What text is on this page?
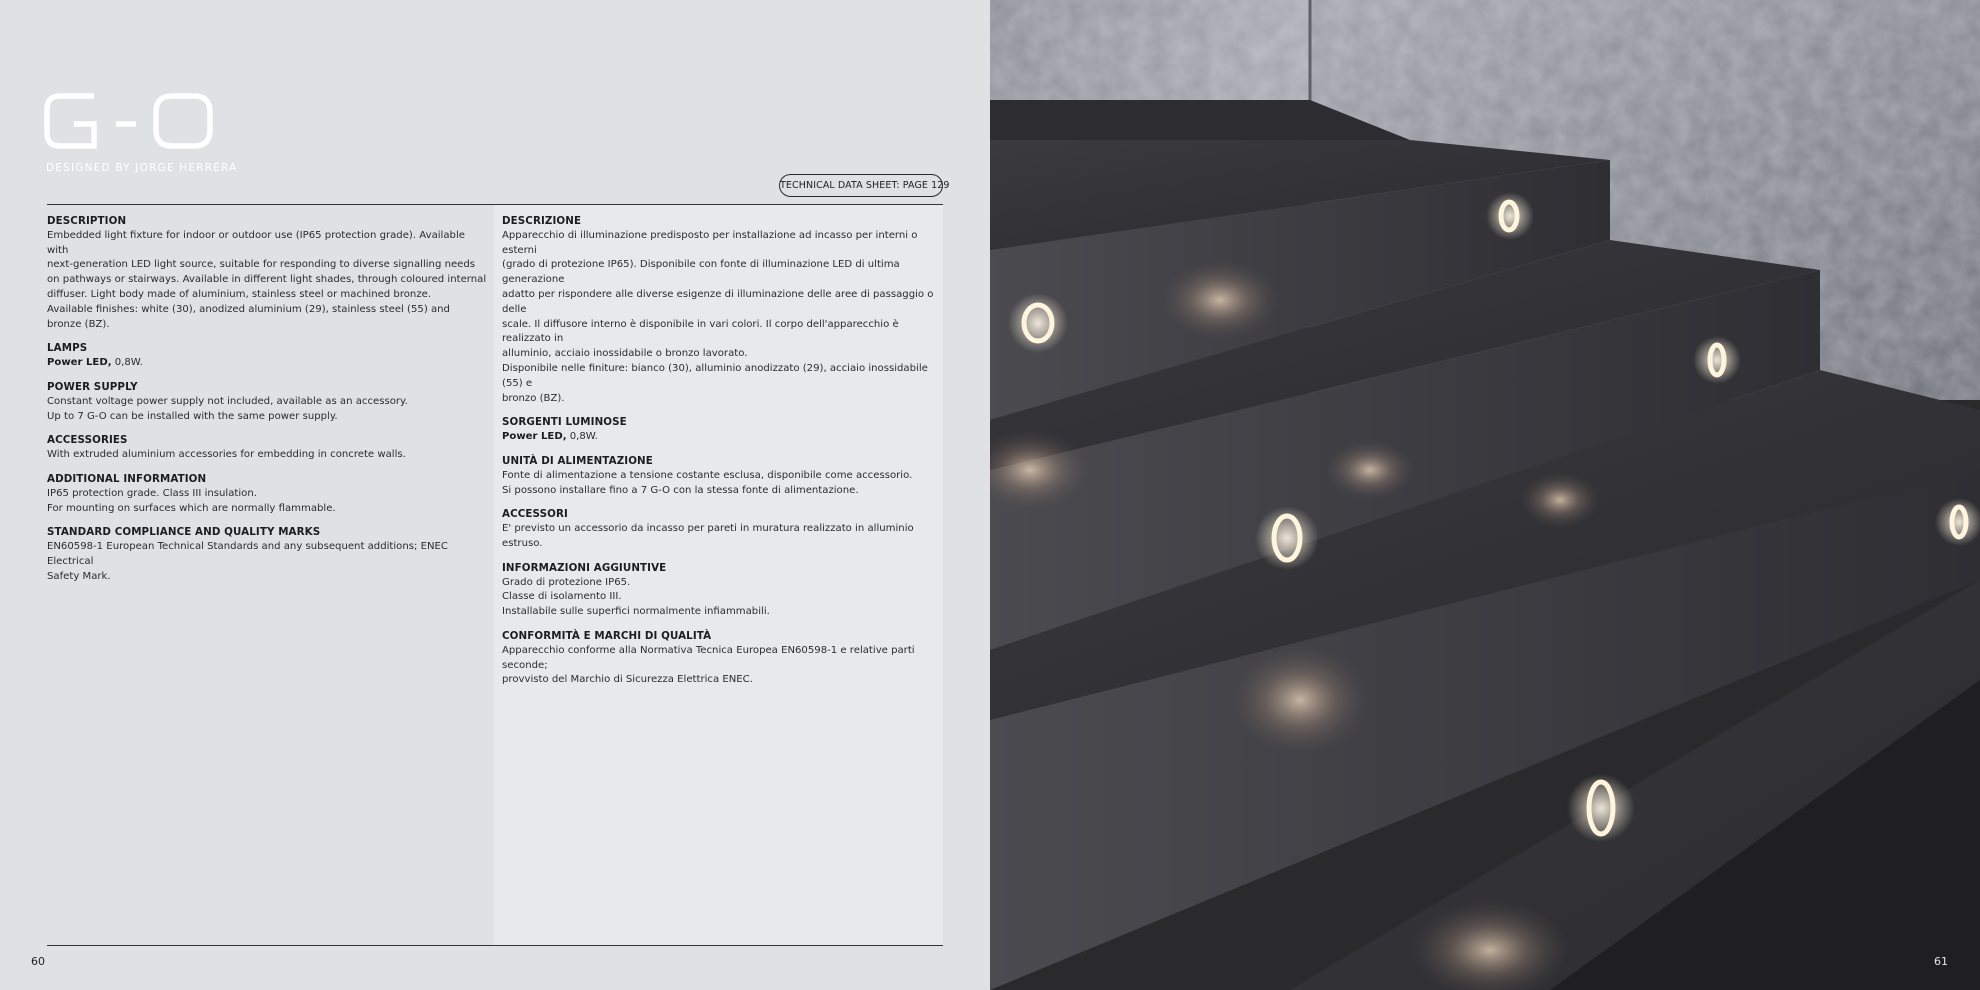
DESIGNED BY JORGE HERRERA
TECHNICAL DATA SHEET: PAGE 129
DESCRIPTION

Embedded light fixture for indoor or outdoor use (IP65 protection grade). Available with

next-generation LED light source, suitable for responding to diverse signalling needs

on pathways or stairways. Available in different light shades, through coloured internal

diffuser. Light body made of aluminium, stainless steel or machined bronze.

Available finishes: white (30), anodized aluminium (29), stainless steel (55) and bronze (BZ).

LAMPS

Power LED, 0,8W.

POWER SUPPLY

Constant voltage power supply not included, available as an accessory.

Up to 7 G-O can be installed with the same power supply.

ACCESSORIES

With extruded aluminium accessories for embedding in concrete walls.

ADDITIONAL INFORMATION

IP65 protection grade. Class III insulation.

For mounting on surfaces which are normally flammable.

STANDARD COMPLIANCE AND QUALITY MARKS

EN60598-1 European Technical Standards and any subsequent additions; ENEC Electrical

Safety Mark.

DESCRIZIONE

Apparecchio di illuminazione predisposto per installazione ad incasso per interni o esterni

(grado di protezione IP65). Disponibile con fonte di illuminazione LED di ultima generazione

adatto per rispondere alle diverse esigenze di illuminazione delle aree di passaggio o delle

scale. Il diffusore interno è disponibile in vari colori. Il corpo dell'apparecchio è realizzato in

alluminio, acciaio inossidabile o bronzo lavorato.

Disponibile nelle finiture: bianco (30), alluminio anodizzato (29), acciaio inossidabile (55) e

bronzo (BZ).

SORGENTI LUMINOSE

Power LED, 0,8W.

UNITÀ DI ALIMENTAZIONE

Fonte di alimentazione a tensione costante esclusa, disponibile come accessorio.

Si possono installare fino a 7 G-O con la stessa fonte di alimentazione.

ACCESSORI

E' previsto un accessorio da incasso per pareti in muratura realizzato in alluminio estruso.

INFORMAZIONI AGGIUNTIVE

Grado di protezione IP65.

Classe di isolamento III.

Installabile sulle superfici normalmente infiammabili.

CONFORMITÀ E MARCHI DI QUALITÀ

Apparecchio conforme alla Normativa Tecnica Europea EN60598-1 e relative parti seconde;

provvisto del Marchio di Sicurezza Elettrica ENEC.

60	61
